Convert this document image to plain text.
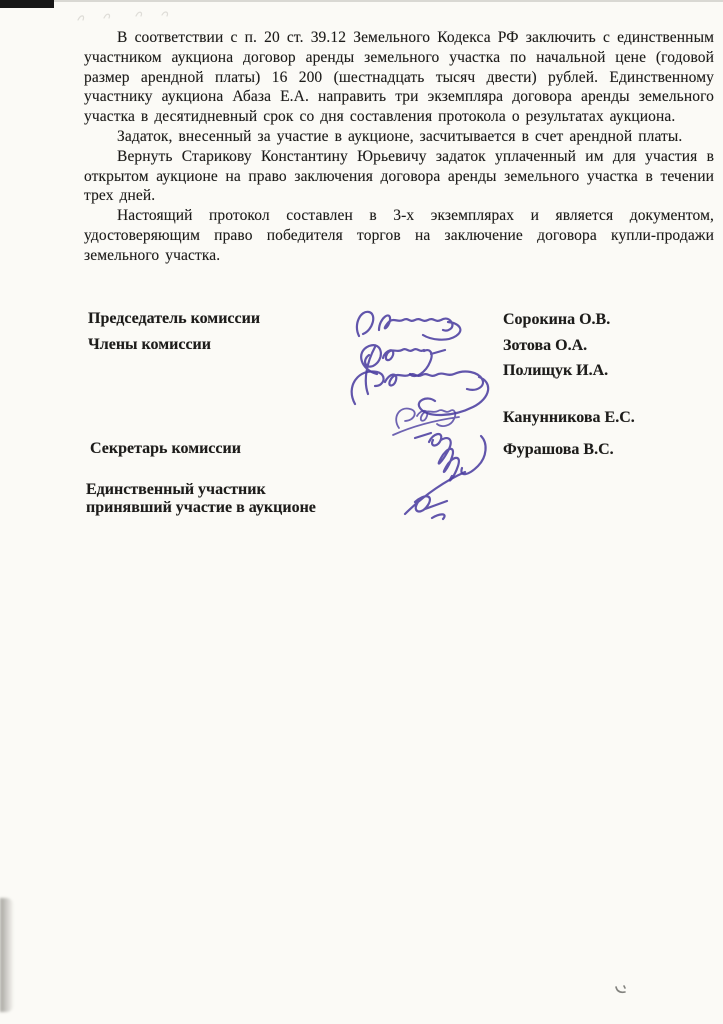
В соответствии с п. 20 ст. 39.12 Земельного Кодекса РФ заключить с единственным участником аукциона договор аренды земельного участка по начальной цене (годовой размер арендной платы) 16 200 (шестнадцать тысяч двести) рублей. Единственному участнику аукциона Абаза Е.А. направить три экземпляра договора аренды земельного участка в десятидневный срок со дня составления протокола о результатах аукциона.

Задаток, внесенный за участие в аукционе, засчитывается в счет арендной платы.

Вернуть Старикову Константину Юрьевичу задаток уплаченный им для участия в открытом аукционе на право заключения договора аренды земельного участка в течении трех дней.

Настоящий протокол составлен в 3-х экземплярах и является документом, удостоверяющим право победителя торгов на заключение договора купли-продажи земельного участка.

Председатель комиссии	Сорокина О.В.
Члены комиссии	Зотова О.А.
Полищук И.А.
Канунникова Е.С.
Секретарь комиссии	Фурашова В.С.
Единственный участник принявший участие в аукционе
